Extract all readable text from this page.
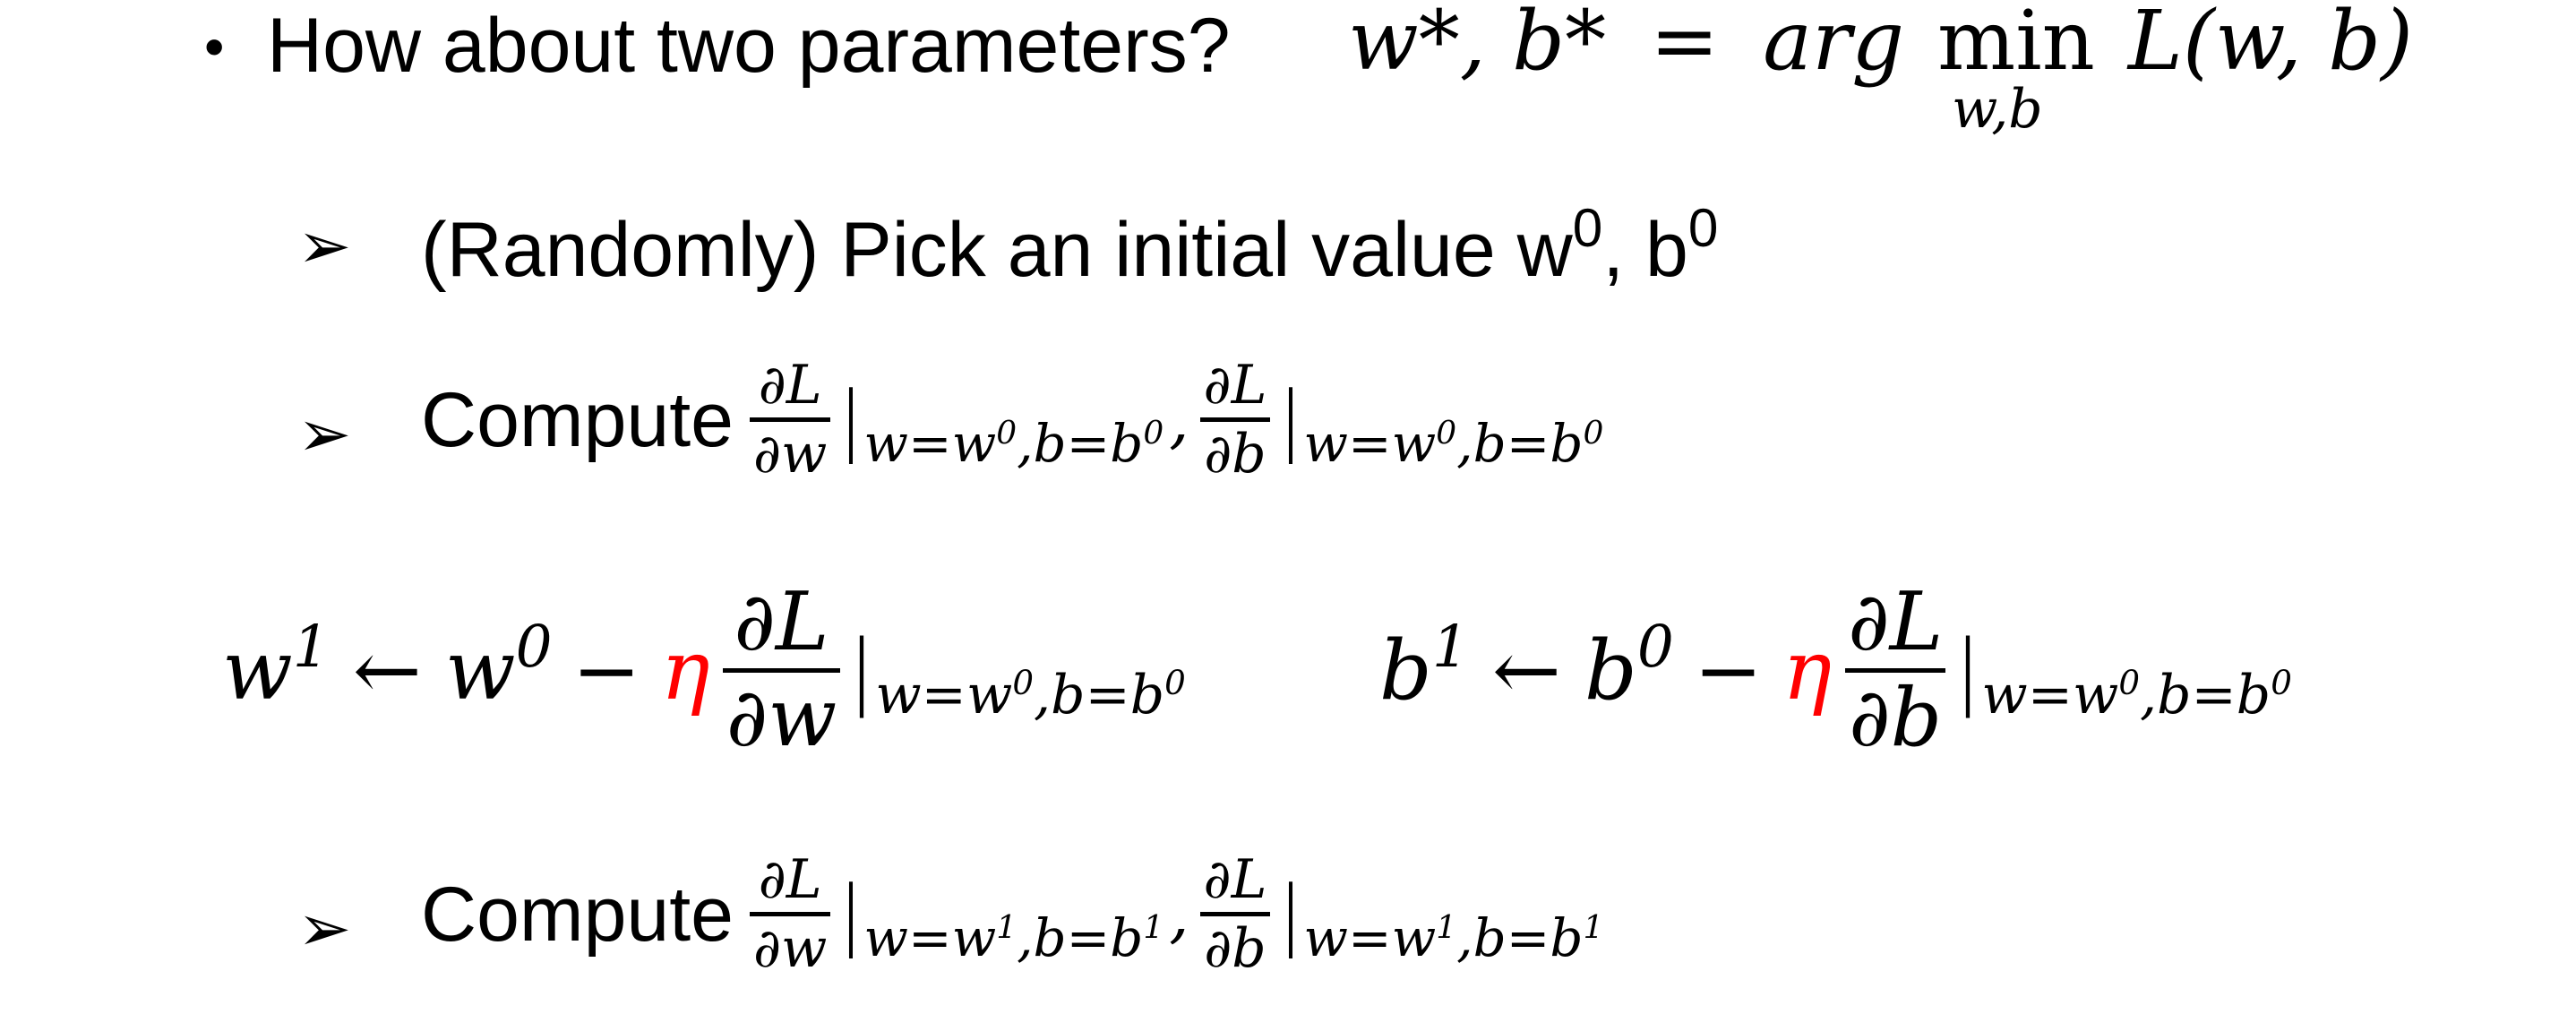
• How about two parameters? w*, b* = arg min
w,b
L(w, b)
➢ (Randomly) Pick an initial value $w^0$, $b^0$
➢ Compute $\frac{\partial L}{\partial w}$ | $w=w^0,b=b^0$ , $\frac{\partial L}{\partial b}$ | $w=w^0,b=b^0$
$w^1$ ← $w^0 - \eta \frac{\partial L}{\partial w}$ | $w=w^0,b=b^0$ $b^1$ ← $b^0 - \eta \frac{\partial L}{\partial b}$ | $w=w^0,b=b^0$
➢ Compute $\frac{\partial L}{\partial w}$ | $w=w^1,b=b^1$ , $\frac{\partial L}{\partial b}$ | $w=w^1,b=b^1$
